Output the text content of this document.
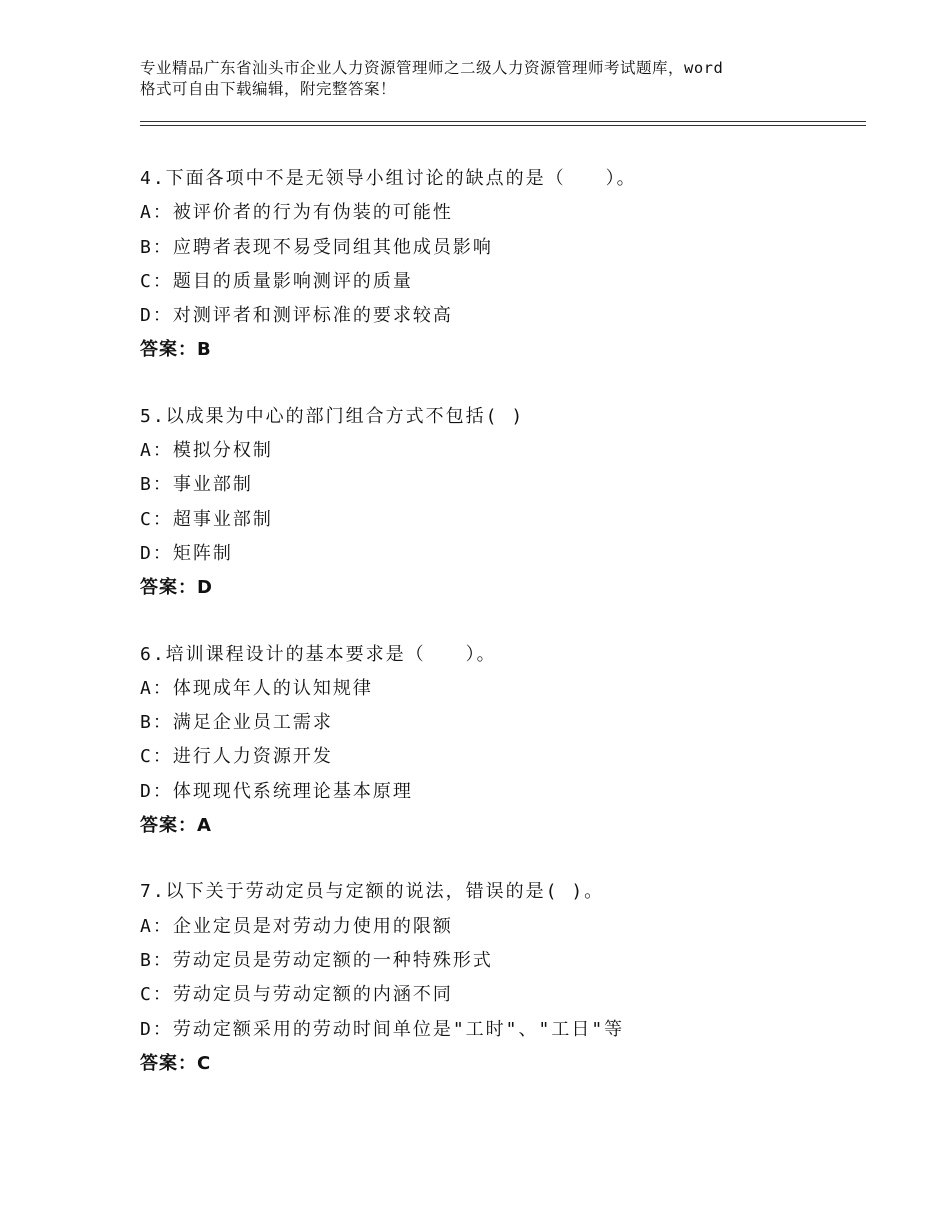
专业精品广东省汕头市企业人力资源管理师之二级人力资源管理师考试题库，word
格式可自由下载编辑，附完整答案！
4.下面各项中不是无领导小组讨论的缺点的是（　　）。
A：被评价者的行为有伪装的可能性
B：应聘者表现不易受同组其他成员影响
C：题目的质量影响测评的质量
D：对测评者和测评标准的要求较高
答案：B
5.以成果为中心的部门组合方式不包括( )
A：模拟分权制
B：事业部制
C：超事业部制
D：矩阵制
答案：D
6.培训课程设计的基本要求是（　　）。
A：体现成年人的认知规律
B：满足企业员工需求
C：进行人力资源开发
D：体现现代系统理论基本原理
答案：A
7.以下关于劳动定员与定额的说法，错误的是( )。
A：企业定员是对劳动力使用的限额
B：劳动定员是劳动定额的一种特殊形式
C：劳动定员与劳动定额的内涵不同
D：劳动定额采用的劳动时间单位是"工时"、"工日"等
答案：C
